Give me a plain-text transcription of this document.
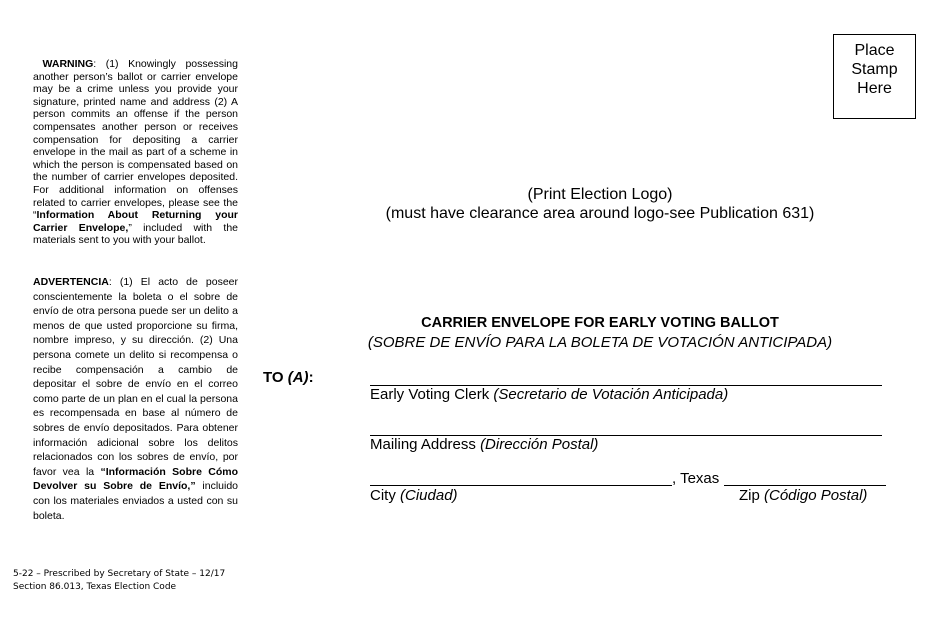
WARNING: (1) Knowingly possessing another person’s ballot or carrier envelope may be a crime unless you provide your signature, printed name and address (2) A person commits an offense if the person compensates another person or receives compensation for depositing a carrier envelope in the mail as part of a scheme in which the person is compensated based on the number of carrier envelopes deposited. For additional information on offenses related to carrier envelopes, please see the “Information About Returning your Carrier Envelope,” included with the materials sent to you with your ballot.
ADVERTENCIA: (1) El acto de poseer conscientemente la boleta o el sobre de envío de otra persona puede ser un delito a menos de que usted proporcione su firma, nombre impreso, y su dirección. (2) Una persona comete un delito si recompensa o recibe compensación a cambio de depositar el sobre de envío en el correo como parte de un plan en el cual la persona es recompensada en base al número de sobres de envío depositados. Para obtener información adicional sobre los delitos relacionados con los sobres de envío, por favor vea la “Información Sobre Cómo Devolver su Sobre de Envío,” incluido con los materiales enviados a usted con su boleta.
5-22 – Prescribed by Secretary of State – 12/17
Section 86.013, Texas Election Code
Place
Stamp
Here
(Print Election Logo)
(must have clearance area around logo-see Publication 631)
CARRIER ENVELOPE FOR EARLY VOTING BALLOT
(SOBRE DE ENVÍO PARA LA BOLETA DE VOTACIÓN ANTICIPADA)
TO (A):
Early Voting Clerk (Secretario de Votación Anticipada)
Mailing Address (Dirección Postal)
, Texas
City (Ciudad)	Zip (Código Postal)
